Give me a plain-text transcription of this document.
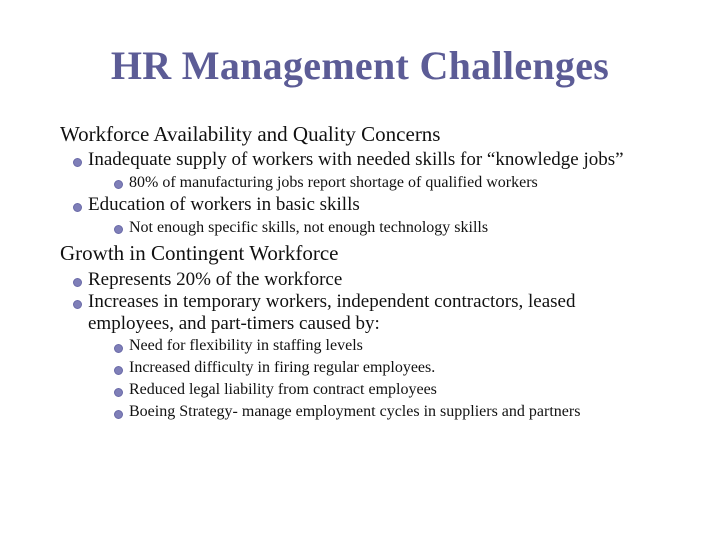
HR Management Challenges
Workforce Availability and Quality Concerns
Inadequate supply of workers with needed skills for “knowledge jobs”
80% of manufacturing jobs report shortage of qualified workers
Education of workers in basic skills
Not enough specific skills, not enough technology skills
Growth in Contingent Workforce
Represents 20% of the workforce
Increases in temporary workers, independent contractors, leased
employees, and part-timers caused by:
Need for flexibility in staffing levels
Increased difficulty in firing regular employees.
Reduced legal liability from contract employees
Boeing Strategy- manage employment cycles in suppliers and partners
